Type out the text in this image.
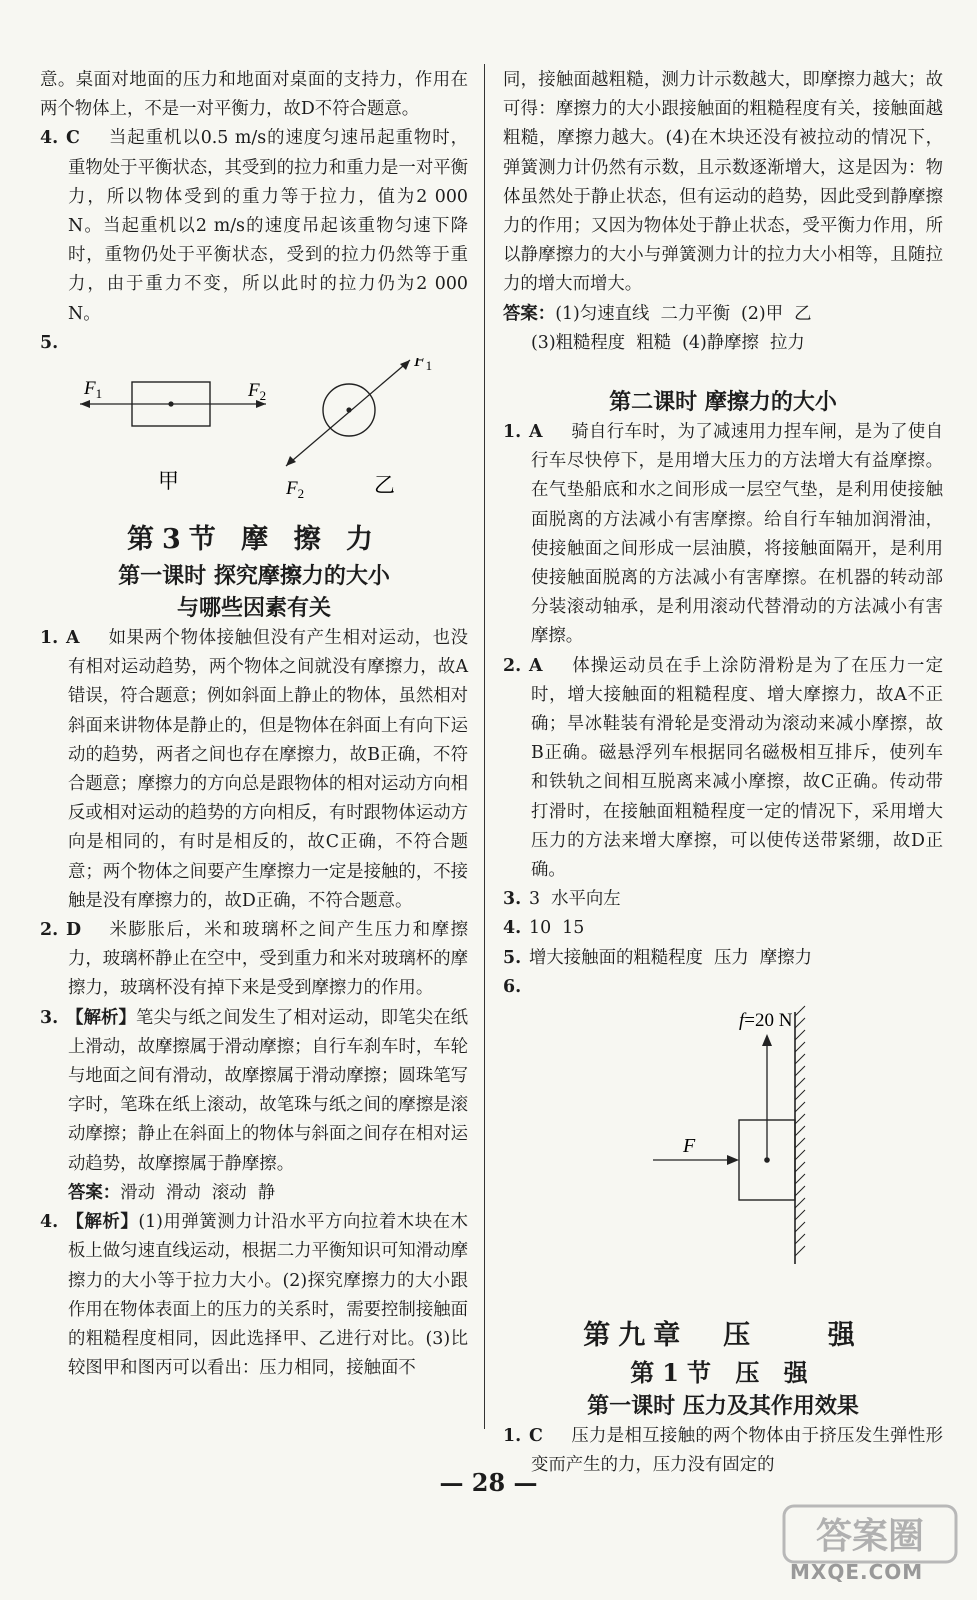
意。桌面对地面的压力和地面对桌面的支持力，作用在两个物体上，不是一对平衡力，故D不符合题意。

4. C 当起重机以0.5 m/s的速度匀速吊起重物时，重物处于平衡状态，其受到的拉力和重力是一对平衡力，所以物体受到的重力等于拉力，值为2 000 N。当起重机以2 m/s的速度吊起该重物匀速下降时，重物仍处于平衡状态，受到的拉力仍然等于重力，由于重力不变，所以此时的拉力仍为2 000 N。

5.

$F_1$	$F_2$
甲
$F_1$
$F_2$	乙
第3节 摩 擦 力
第一课时 探究摩擦力的大小
与哪些因素有关

1. A 如果两个物体接触但没有产生相对运动，也没有相对运动趋势，两个物体之间就没有摩擦力，故A错误，符合题意；例如斜面上静止的物体，虽然相对斜面来讲物体是静止的，但是物体在斜面上有向下运动的趋势，两者之间也存在摩擦力，故B正确，不符合题意；摩擦力的方向总是跟物体的相对运动方向相反或相对运动的趋势的方向相反，有时跟物体运动方向是相同的，有时是相反的，故C正确，不符合题意；两个物体之间要产生摩擦力一定是接触的，不接触是没有摩擦力的，故D正确，不符合题意。

2. D 米膨胀后，米和玻璃杯之间产生压力和摩擦力，玻璃杯静止在空中，受到重力和米对玻璃杯的摩擦力，玻璃杯没有掉下来是受到摩擦力的作用。

3. 【解析】笔尖与纸之间发生了相对运动，即笔尖在纸上滑动，故摩擦属于滑动摩擦；自行车刹车时，车轮与地面之间有滑动，故摩擦属于滑动摩擦；圆珠笔写字时，笔珠在纸上滚动，故笔珠与纸之间的摩擦是滚动摩擦；静止在斜面上的物体与斜面之间存在相对运动趋势，故摩擦属于静摩擦。

答案：滑动  滑动  滚动  静

4. 【解析】(1)用弹簧测力计沿水平方向拉着木块在木板上做匀速直线运动，根据二力平衡知识可知滑动摩擦力的大小等于拉力大小。(2)探究摩擦力的大小跟作用在物体表面上的压力的关系时，需要控制接触面的粗糙程度相同，因此选择甲、乙进行对比。(3)比较图甲和图丙可以看出：压力相同，接触面不

同，接触面越粗糙，测力计示数越大，即摩擦力越大；故可得：摩擦力的大小跟接触面的粗糙程度有关，接触面越粗糙，摩擦力越大。(4)在木块还没有被拉动的情况下，弹簧测力计仍然有示数，且示数逐渐增大，这是因为：物体虽然处于静止状态，但有运动的趋势，因此受到静摩擦力的作用；又因为物体处于静止状态，受平衡力作用，所以静摩擦力的大小与弹簧测力计的拉力大小相等，且随拉力的增大而增大。

答案：(1)匀速直线  二力平衡  (2)甲  乙
(3)粗糙程度  粗糙  (4)静摩擦  拉力

第二课时 摩擦力的大小

1. A 骑自行车时，为了减速用力捏车闸，是为了使自行车尽快停下，是用增大压力的方法增大有益摩擦。在气垫船底和水之间形成一层空气垫，是利用使接触面脱离的方法减小有害摩擦。给自行车轴加润滑油，使接触面之间形成一层油膜，将接触面隔开，是利用使接触面脱离的方法减小有害摩擦。在机器的转动部分装滚动轴承，是利用滚动代替滑动的方法减小有害摩擦。

2. A 体操运动员在手上涂防滑粉是为了在压力一定时，增大接触面的粗糙程度、增大摩擦力，故A不正确；旱冰鞋装有滑轮是变滑动为滚动来减小摩擦，故B正确。磁悬浮列车根据同名磁极相互排斥，使列车和铁轨之间相互脱离来减小摩擦，故C正确。传动带打滑时，在接触面粗糙程度一定的情况下，采用增大压力的方法来增大摩擦，可以使传送带紧绷，故D正确。

3. 3  水平向左

4. 10  15

5. 增大接触面的粗糙程度  压力  摩擦力

6.

f=20 N
F
第九章  压    强
第1节 压 强
第一课时 压力及其作用效果

1. C 压力是相互接触的两个物体由于挤压发生弹性形变而产生的力，压力没有固定的

— 28 —
答案圈
MXQE.COM
